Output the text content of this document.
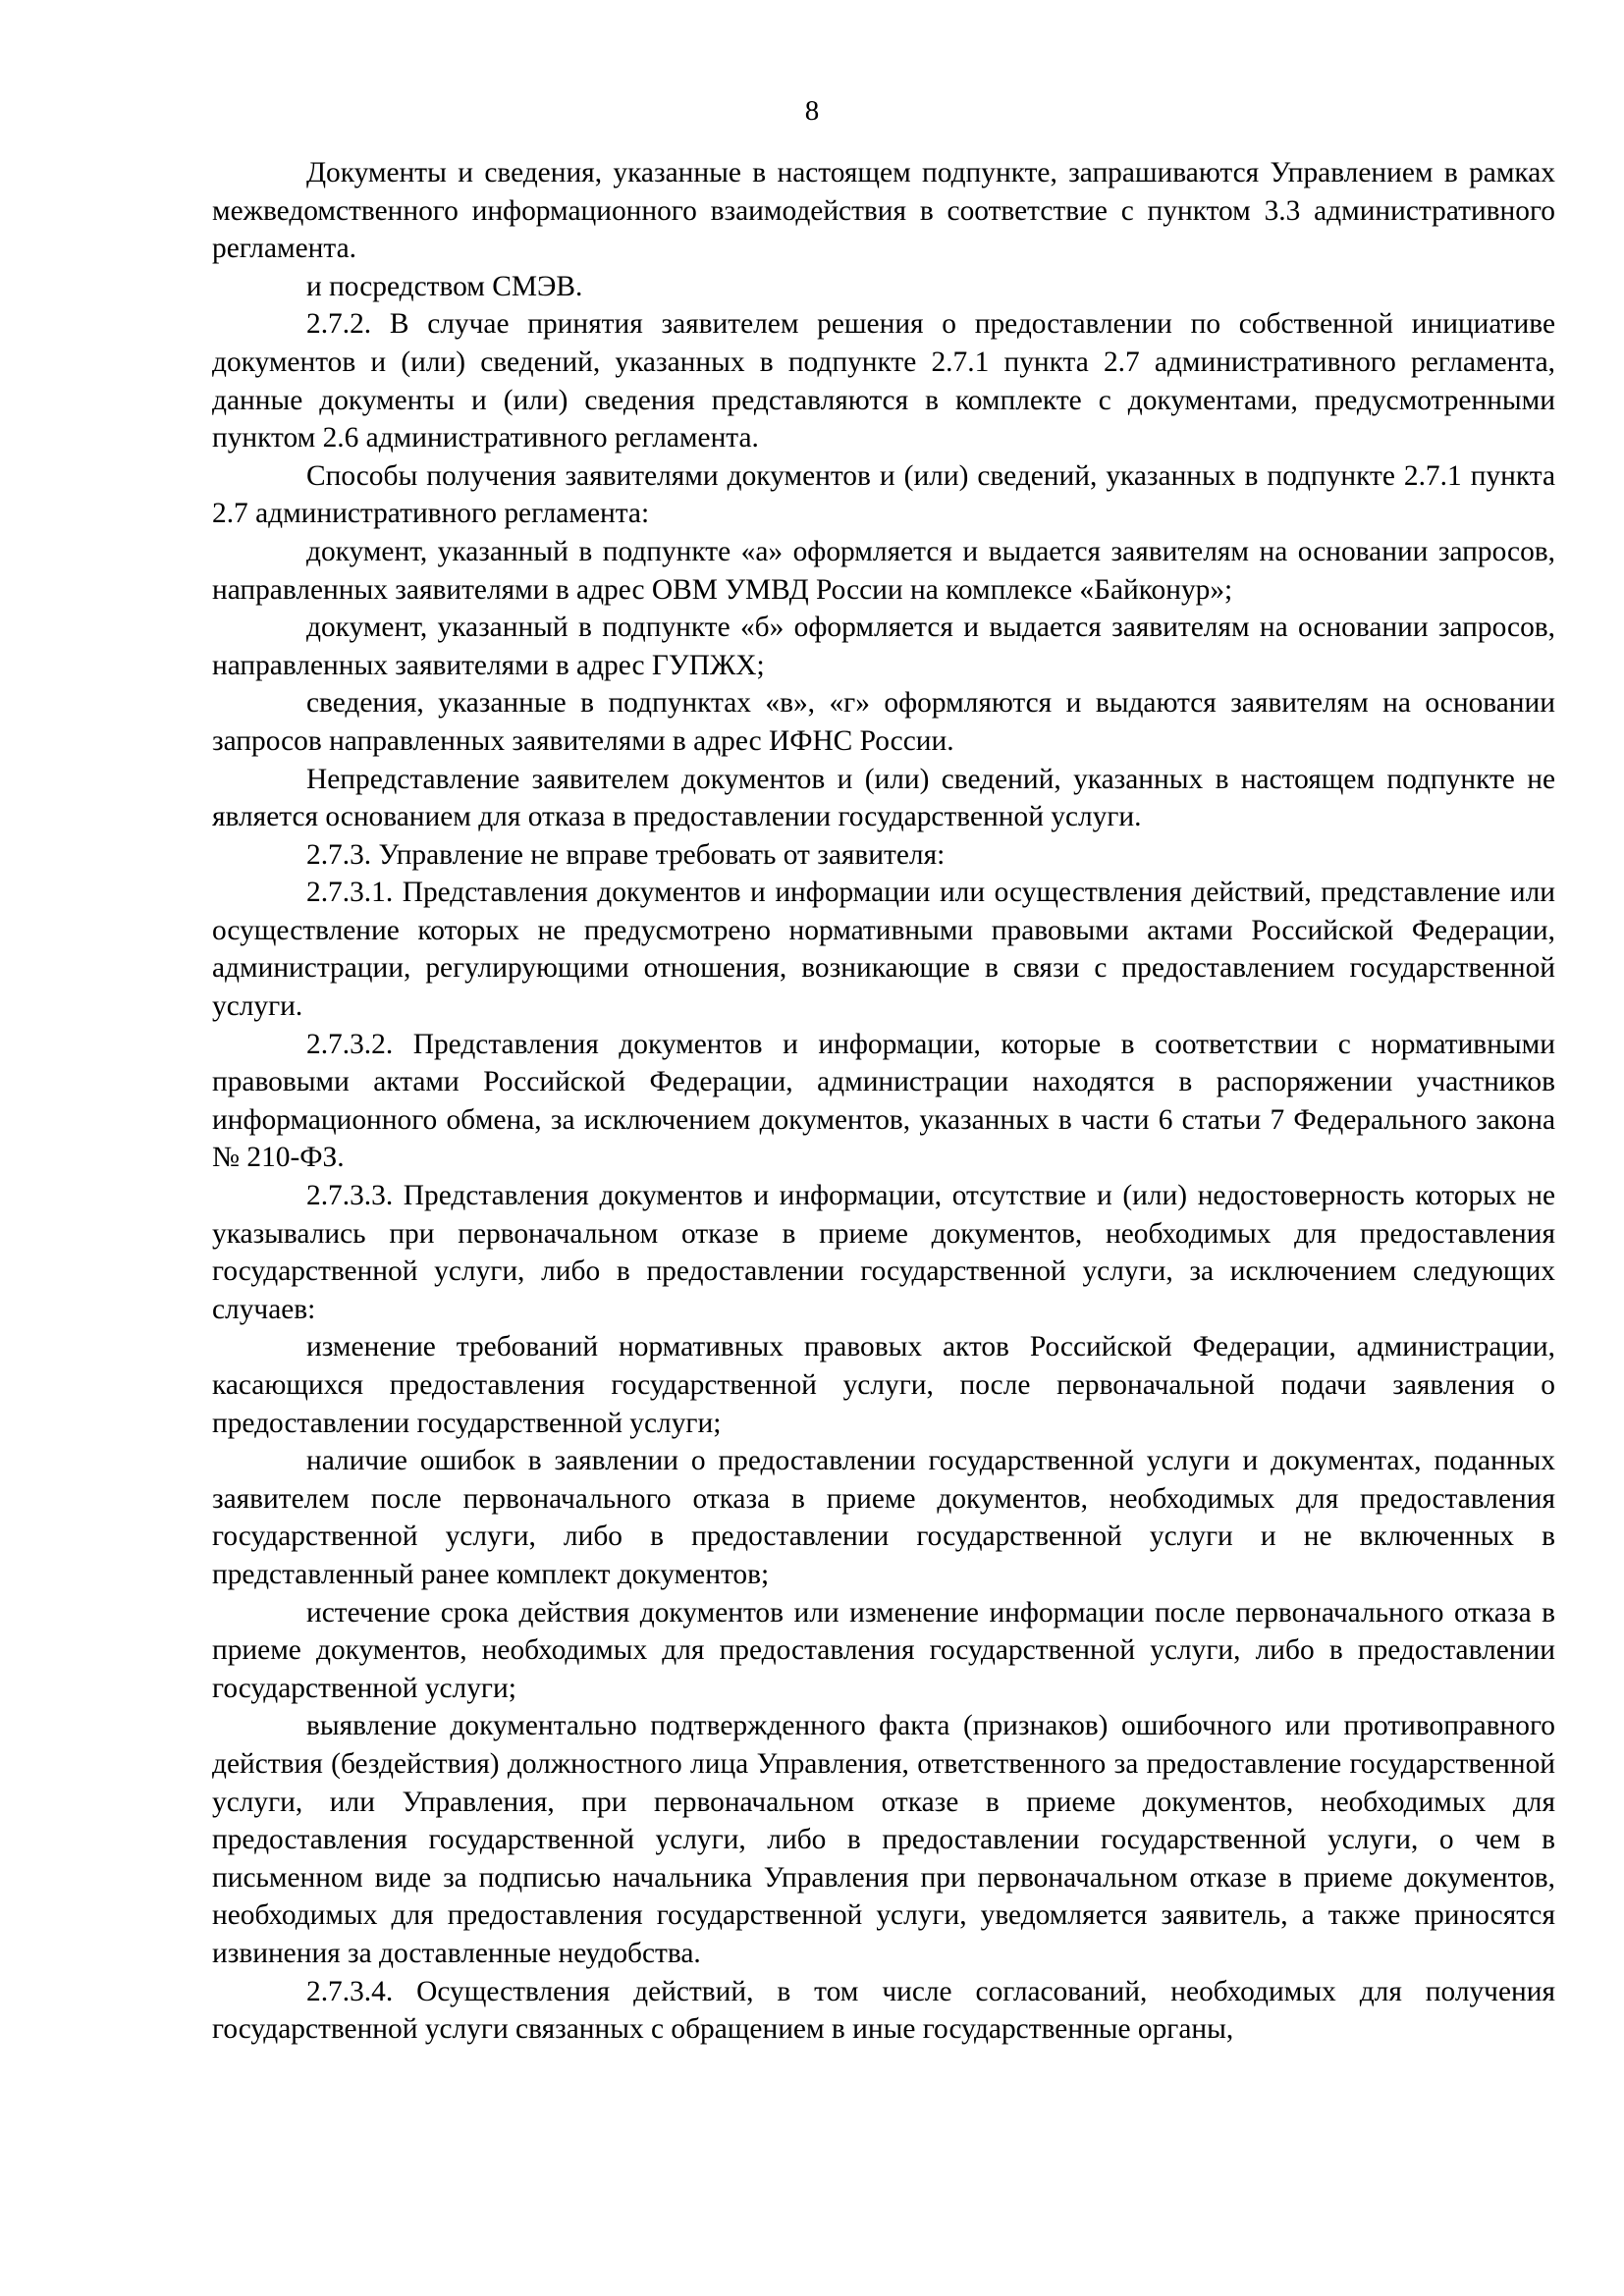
8

Документы и сведения, указанные в настоящем подпункте, запрашиваются Управлением в рамках межведомственного информационного взаимодействия в соответствие с пунктом 3.3 административного регламента.

и посредством СМЭВ.

2.7.2. В случае принятия заявителем решения о предоставлении по собственной инициативе документов и (или) сведений, указанных в подпункте 2.7.1 пункта 2.7 административного регламента, данные документы и (или) сведения представляются в комплекте с документами, предусмотренными пунктом 2.6 административного регламента.

Способы получения заявителями документов и (или) сведений, указанных в подпункте 2.7.1 пункта 2.7 административного регламента:

документ, указанный в подпункте «а» оформляется и выдается заявителям на основании запросов, направленных заявителями в адрес ОВМ УМВД России на комплексе «Байконур»;

документ, указанный в подпункте «б» оформляется и выдается заявителям на основании запросов, направленных заявителями в адрес ГУПЖХ;

сведения, указанные в подпунктах «в», «г» оформляются и выдаются заявителям на основании запросов направленных заявителями в адрес ИФНС России.

Непредставление заявителем документов и (или) сведений, указанных в настоящем подпункте не является основанием для отказа в предоставлении государственной услуги.

2.7.3. Управление не вправе требовать от заявителя:

2.7.3.1. Представления документов и информации или осуществления действий, представление или осуществление которых не предусмотрено нормативными правовыми актами Российской Федерации, администрации, регулирующими отношения, возникающие в связи с предоставлением государственной услуги.

2.7.3.2. Представления документов и информации, которые в соответствии с нормативными правовыми актами Российской Федерации, администрации находятся в распоряжении участников информационного обмена, за исключением документов, указанных в части 6 статьи 7 Федерального закона № 210-ФЗ.

2.7.3.3. Представления документов и информации, отсутствие и (или) недостоверность которых не указывались при первоначальном отказе в приеме документов, необходимых для предоставления государственной услуги, либо в предоставлении государственной услуги, за исключением следующих случаев:

изменение требований нормативных правовых актов Российской Федерации, администрации, касающихся предоставления государственной услуги, после первоначальной подачи заявления о предоставлении государственной услуги;

наличие ошибок в заявлении о предоставлении государственной услуги и документах, поданных заявителем после первоначального отказа в приеме документов, необходимых для предоставления государственной услуги, либо в предоставлении государственной услуги и не включенных в представленный ранее комплект документов;

истечение срока действия документов или изменение информации после первоначального отказа в приеме документов, необходимых для предоставления государственной услуги, либо в предоставлении государственной услуги;

выявление документально подтвержденного факта (признаков) ошибочного или противоправного действия (бездействия) должностного лица Управления, ответственного за предоставление государственной услуги, или Управления, при первоначальном отказе в приеме документов, необходимых для предоставления государственной услуги, либо в предоставлении государственной услуги, о чем в письменном виде за подписью начальника Управления при первоначальном отказе в приеме документов, необходимых для предоставления государственной услуги, уведомляется заявитель, а также приносятся извинения за доставленные неудобства.

2.7.3.4. Осуществления действий, в том числе согласований, необходимых для получения государственной услуги связанных с обращением в иные государственные органы,
